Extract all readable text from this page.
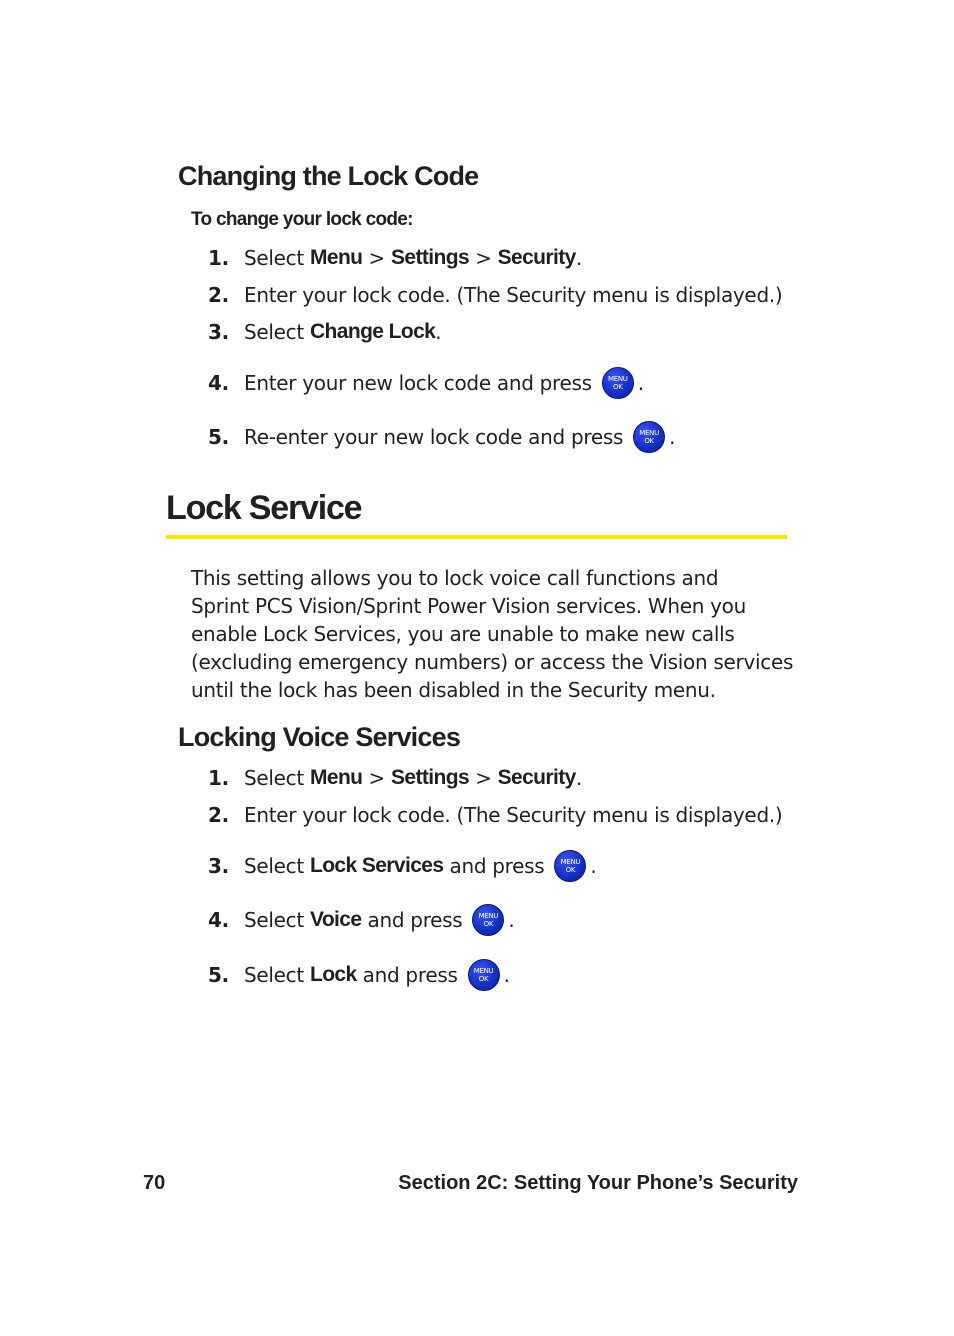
Changing the Lock Code
To change your lock code:
1. Select Menu > Settings > Security .
2. Enter your lock code. (The Security menu is displayed.)
3. Select Change Lock .
4. Enter your new lock code and press	MENU
OK .
5. Re-enter your new lock code and press	MENU
OK .
Lock Service
This setting allows you to lock voice call functions and
Sprint PCS Vision/Sprint Power Vision services. When you
enable Lock Services, you are unable to make new calls
(excluding emergency numbers) or access the Vision services
until the lock has been disabled in the Security menu.
Locking Voice Services
1. Select Menu > Settings > Security .
2. Enter your lock code. (The Security menu is displayed.)
3. Select Lock Services and press	MENU
OK .
4. Select Voice and press	MENU
OK .
5. Select Lock and press	MENU
OK .
70	Section 2C: Setting Your Phone’s Security
